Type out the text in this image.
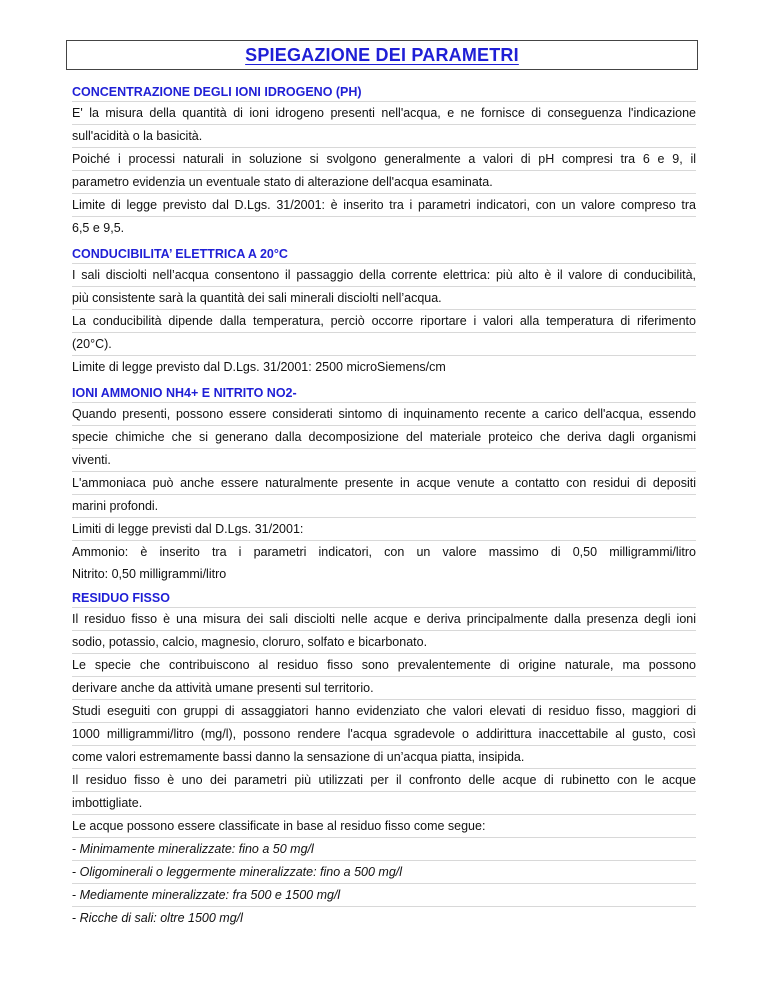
SPIEGAZIONE DEI PARAMETRI
CONCENTRAZIONE DEGLI IONI IDROGENO (PH)
E' la misura della quantità di ioni idrogeno presenti nell'acqua, e ne fornisce di conseguenza l'indicazione
sull'acidità o la basicità.
Poiché i processi naturali in soluzione si svolgono generalmente a valori di pH compresi tra 6 e 9, il
parametro evidenzia un eventuale stato di alterazione dell'acqua esaminata.
Limite di legge previsto dal D.Lgs. 31/2001: è inserito tra i parametri indicatori, con un valore compreso tra
6,5 e 9,5.
CONDUCIBILITA’ ELETTRICA A 20°C
I sali disciolti nell’acqua consentono il passaggio della corrente elettrica: più alto è il valore di conducibilità,
più consistente sarà la quantità dei sali minerali disciolti nell’acqua.
La conducibilità dipende dalla temperatura, perciò occorre riportare i valori alla temperatura di riferimento
(20°C).
Limite di legge previsto dal D.Lgs. 31/2001: 2500 microSiemens/cm
IONI AMMONIO NH4+ E NITRITO NO2-
Quando presenti, possono essere considerati sintomo di inquinamento recente a carico dell'acqua, essendo
specie chimiche che si generano dalla decomposizione del materiale proteico che deriva dagli organismi
viventi.
L'ammoniaca può anche essere naturalmente presente in acque venute a contatto con residui di depositi
marini profondi.
Limiti di legge previsti dal D.Lgs. 31/2001:
Ammonio: è inserito tra i parametri indicatori, con un valore massimo di 0,50 milligrammi/litro
Nitrito: 0,50 milligrammi/litro
RESIDUO FISSO
Il residuo fisso è una misura dei sali disciolti nelle acque e deriva principalmente dalla presenza degli ioni
sodio, potassio, calcio, magnesio, cloruro, solfato e bicarbonato.
Le specie che contribuiscono al residuo fisso sono prevalentemente di origine naturale, ma possono
derivare anche da attività umane presenti sul territorio.
Studi eseguiti con gruppi di assaggiatori hanno evidenziato che valori elevati di residuo fisso, maggiori di
1000 milligrammi/litro (mg/l), possono rendere l'acqua sgradevole o addirittura inaccettabile al gusto, così
come valori estremamente bassi danno la sensazione di un’acqua piatta, insipida.
Il residuo fisso è uno dei parametri più utilizzati per il confronto delle acque di rubinetto con le acque
imbottigliate.
Le acque possono essere classificate in base al residuo fisso come segue:
- Minimamente mineralizzate: fino a 50 mg/l
- Oligominerali o leggermente mineralizzate: fino a 500 mg/l
- Mediamente mineralizzate: fra 500 e 1500 mg/l
- Ricche di sali: oltre 1500 mg/l
